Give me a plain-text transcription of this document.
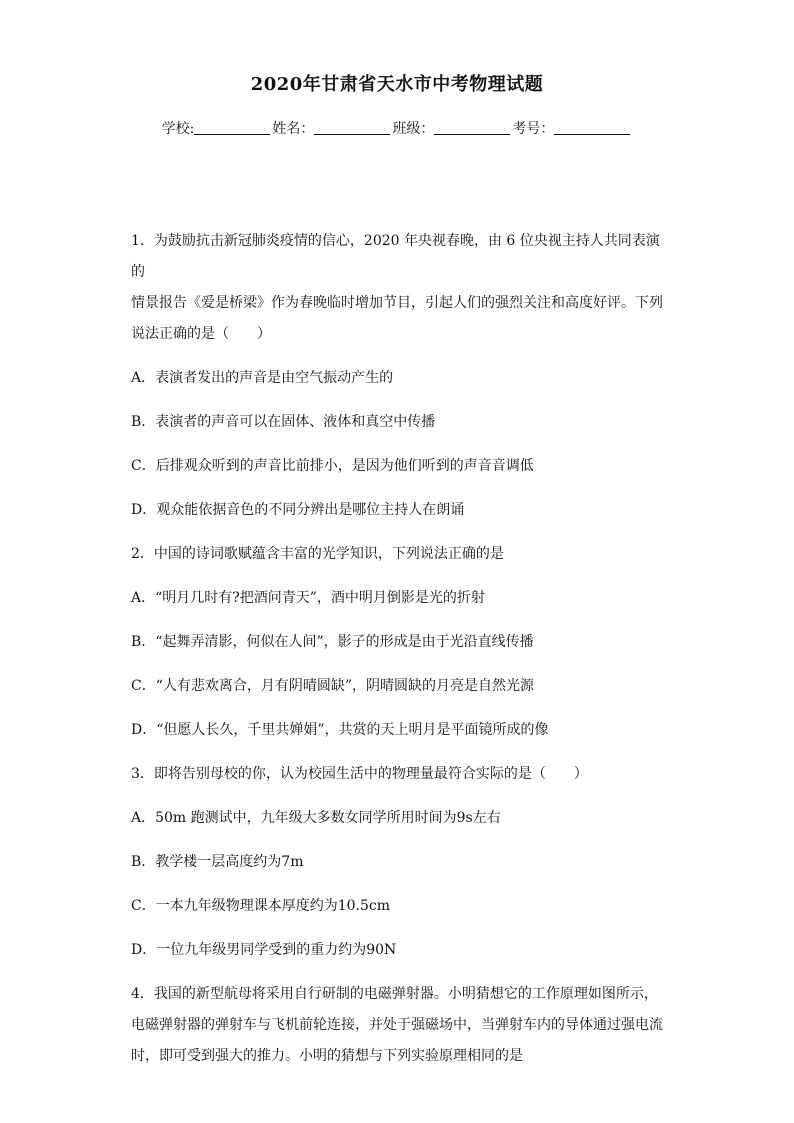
2020年甘肃省天水市中考物理试题
学校:	姓名：	班级：	考号：

1．为鼓励抗击新冠肺炎疫情的信心，2020 年央视春晚，由 6 位央视主持人共同表演的

情景报告《爱是桥梁》作为春晚临时增加节目，引起人们的强烈关注和高度好评。下列

说法正确的是（　　）

A．表演者发出的声音是由空气振动产生的

B．表演者的声音可以在固体、液体和真空中传播

C．后排观众听到的声音比前排小，是因为他们听到的声音音调低

D．观众能依据音色的不同分辨出是哪位主持人在朗诵

2．中国的诗词歌赋蕴含丰富的光学知识，下列说法正确的是

A．“明月几时有?把酒问青天”，酒中明月倒影是光的折射

B．“起舞弄清影，何似在人间”，影子的形成是由于光沿直线传播

C．“人有悲欢离合，月有阴晴圆缺”，阴晴圆缺的月亮是自然光源

D．“但愿人长久，千里共婵娟”，共赏的天上明月是平面镜所成的像

3．即将告别母校的你，认为校园生活中的物理量最符合实际的是（　　）

A．50m 跑测试中，九年级大多数女同学所用时间为9s左右

B．教学楼一层高度约为7m

C．一本九年级物理课本厚度约为10.5cm

D．一位九年级男同学受到的重力约为90N

4．我国的新型航母将采用自行研制的电磁弹射器。小明猜想它的工作原理如图所示，

电磁弹射器的弹射车与飞机前轮连接，并处于强磁场中，当弹射车内的导体通过强电流

时，即可受到强大的推力。小明的猜想与下列实验原理相同的是
